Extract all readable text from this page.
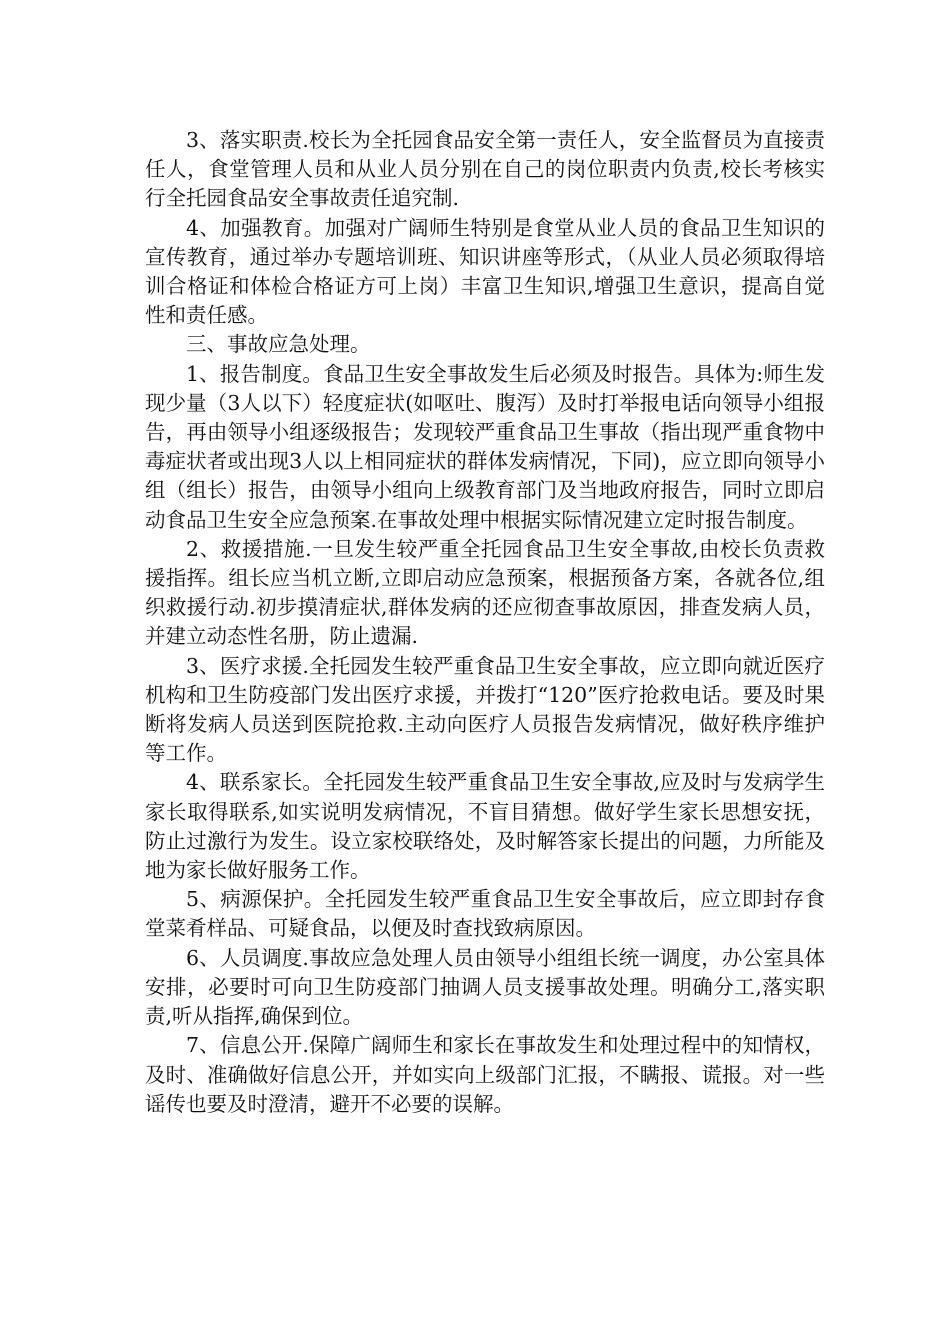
3、落实职责.校长为全托园食品安全第一责任人，安全监督员为直接责任人，食堂管理人员和从业人员分别在自己的岗位职责内负责,校长考核实行全托园食品安全事故责任追究制.

4、加强教育。加强对广阔师生特别是食堂从业人员的食品卫生知识的宣传教育，通过举办专题培训班、知识讲座等形式，（从业人员必须取得培训合格证和体检合格证方可上岗）丰富卫生知识,增强卫生意识，提高自觉性和责任感。

三、事故应急处理。

1、报告制度。食品卫生安全事故发生后必须及时报告。具体为:师生发现少量（3人以下）轻度症状(如呕吐、腹泻）及时打举报电话向领导小组报告，再由领导小组逐级报告；发现较严重食品卫生事故（指出现严重食物中毒症状者或出现3人以上相同症状的群体发病情况，下同)，应立即向领导小组（组长）报告，由领导小组向上级教育部门及当地政府报告，同时立即启动食品卫生安全应急预案.在事故处理中根据实际情况建立定时报告制度。

2、救援措施.一旦发生较严重全托园食品卫生安全事故,由校长负责救援指挥。组长应当机立断,立即启动应急预案，根据预备方案，各就各位,组织救援行动.初步摸清症状,群体发病的还应彻查事故原因，排查发病人员，并建立动态性名册，防止遗漏.

3、医疗求援.全托园发生较严重食品卫生安全事故，应立即向就近医疗机构和卫生防疫部门发出医疗求援，并拨打“120”医疗抢救电话。要及时果断将发病人员送到医院抢救.主动向医疗人员报告发病情况，做好秩序维护等工作。

4、联系家长。全托园发生较严重食品卫生安全事故,应及时与发病学生家长取得联系,如实说明发病情况，不盲目猜想。做好学生家长思想安抚，防止过激行为发生。设立家校联络处，及时解答家长提出的问题，力所能及地为家长做好服务工作。

5、病源保护。全托园发生较严重食品卫生安全事故后，应立即封存食堂菜肴样品、可疑食品，以便及时查找致病原因。

6、人员调度.事故应急处理人员由领导小组组长统一调度，办公室具体安排，必要时可向卫生防疫部门抽调人员支援事故处理。明确分工,落实职责,听从指挥,确保到位。

7、信息公开.保障广阔师生和家长在事故发生和处理过程中的知情权，及时、准确做好信息公开，并如实向上级部门汇报，不瞒报、谎报。对一些谣传也要及时澄清，避开不必要的误解。
